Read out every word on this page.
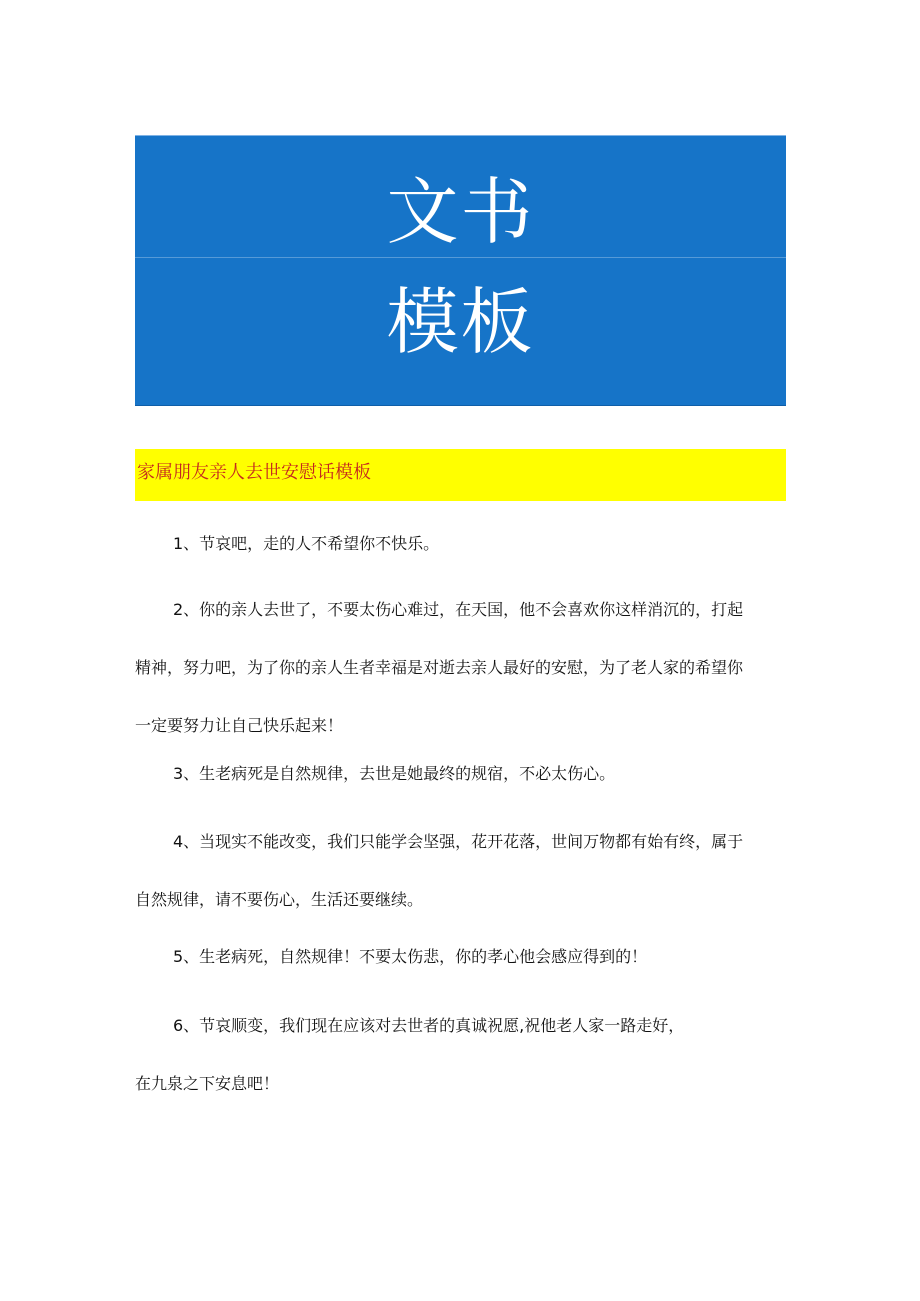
文书
模板
家属朋友亲人去世安慰话模板
1、节哀吧，走的人不希望你不快乐。
2、你的亲人去世了，不要太伤心难过，在天国，他不会喜欢你这样消沉的，打起
精神，努力吧，为了你的亲人生者幸福是对逝去亲人最好的安慰，为了老人家的希望你
一定要努力让自己快乐起来！
3、生老病死是自然规律，去世是她最终的规宿，不必太伤心。
4、当现实不能改变，我们只能学会坚强，花开花落，世间万物都有始有终，属于
自然规律，请不要伤心，生活还要继续。
5、生老病死，自然规律！不要太伤悲，你的孝心他会感应得到的！
6、节哀顺变，我们现在应该对去世者的真诚祝愿,祝他老人家一路走好，
在九泉之下安息吧！
